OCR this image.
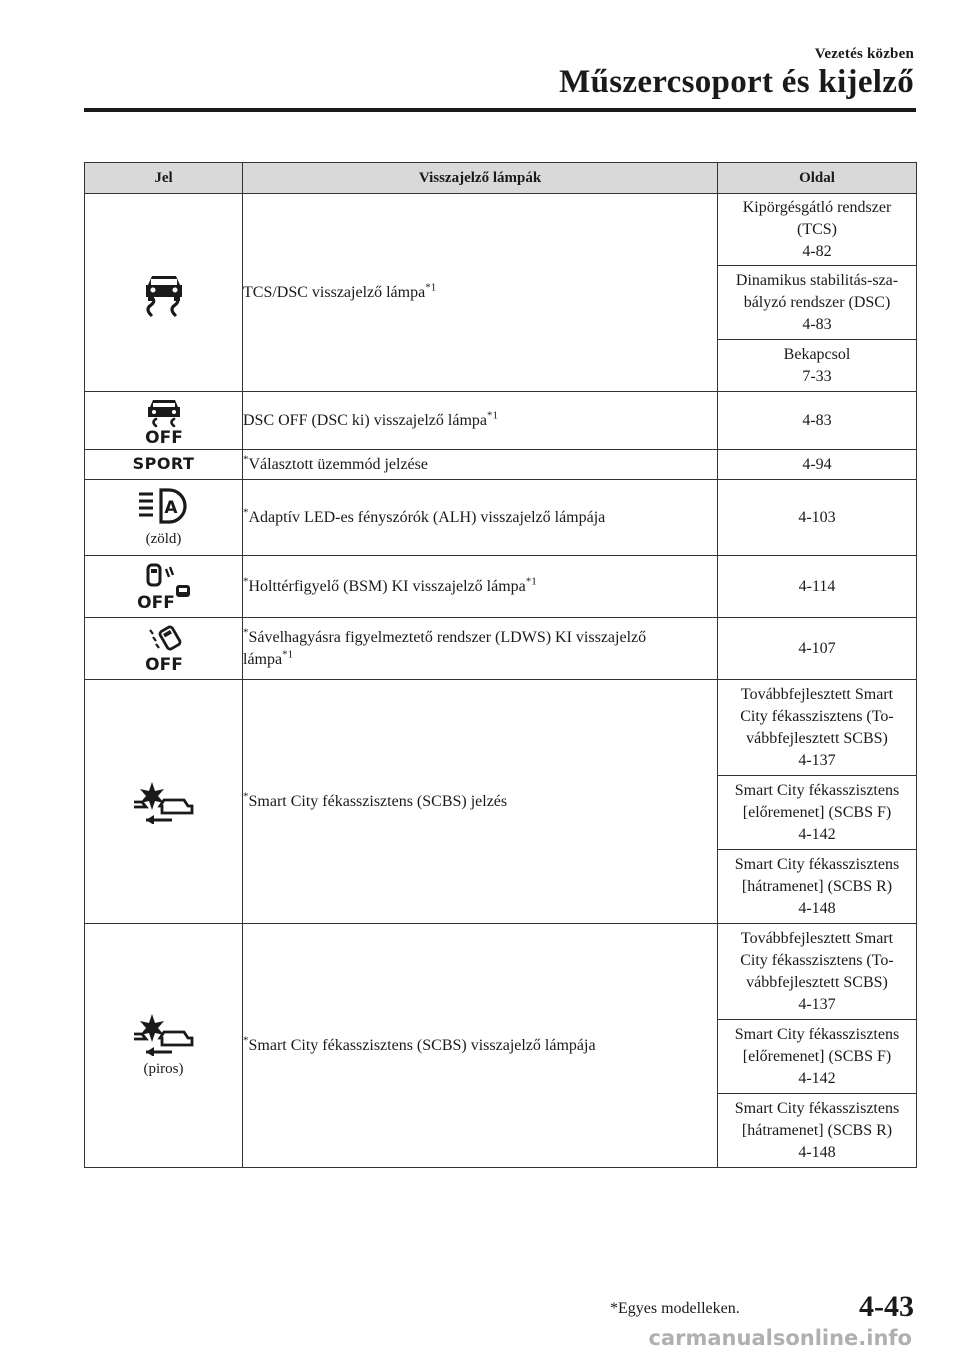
Vezetés közben
Műszercsoport és kijelző
Jel	Visszajelző lámpák	Oldal

	TCS/DSC visszajelző lámpa$^{*1}$	Kipörgésgátló rendszer
(TCS)
4-82
		Dinamikus stabilitás-sza-
bályzó rendszer (DSC)
4-83
		Bekapcsol
7-33

OFF	DSC OFF (DSC ki) visszajelző lámpa$^{*1}$	4-83
SPORT	*Választott üzemmód jelzése	4-94

A
(zöld)	*Adaptív LED-es fényszórók (ALH) visszajelző lámpája	4-103

OFF	*Holttérfigyelő (BSM) KI visszajelző lámpa$^{*1}$	4-114

OFF	*Sávelhagyásra figyelmeztető rendszer (LDWS) KI visszajelző
lámpa$^{*1}$	4-107

	*Smart City fékasszisztens (SCBS) jelzés	Továbbfejlesztett Smart
City fékasszisztens (To-
vábbfejlesztett SCBS)
4-137
		Smart City fékasszisztens
[előremenet] (SCBS F)
4-142
		Smart City fékasszisztens
[hátramenet] (SCBS R)
4-148

(piros)	*Smart City fékasszisztens (SCBS) visszajelző lámpája	Továbbfejlesztett Smart
City fékasszisztens (To-
vábbfejlesztett SCBS)
4-137
		Smart City fékasszisztens
[előremenet] (SCBS F)
4-142
		Smart City fékasszisztens
[hátramenet] (SCBS R)
4-148
*Egyes modelleken.	4-43
carmanualsonline.info
